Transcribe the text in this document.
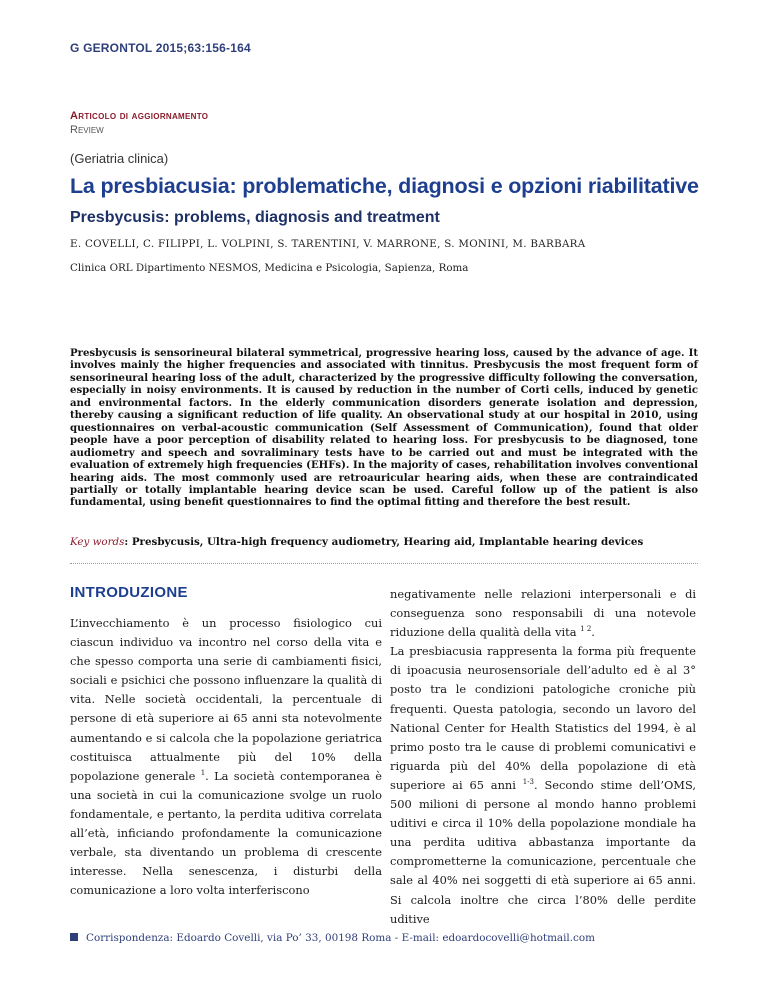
G GERONTOL 2015;63:156-164
Articolo di aggiornamento
Review
(Geriatria clinica)
La presbiacusia: problematiche, diagnosi e opzioni riabilitative
Presbycusis: problems, diagnosis and treatment
E. COVELLI, C. FILIPPI, L. VOLPINI, S. TARENTINI, V. MARRONE, S. MONINI, M. BARBARA
Clinica ORL Dipartimento NESMOS, Medicina e Psicologia, Sapienza, Roma
Presbycusis is sensorineural bilateral symmetrical, progressive hearing loss, caused by the advance of age. It involves mainly the higher frequencies and associated with tinnitus. Presbycusis the most frequent form of sensorineural hearing loss of the adult, characterized by the progressive difficulty following the conversation, especially in noisy environments. It is caused by reduction in the number of Corti cells, induced by genetic and environmental factors. In the elderly communication disorders generate isolation and depression, thereby causing a significant reduction of life quality. An observational study at our hospital in 2010, using questionnaires on verbal-acoustic communication (Self Assessment of Communication), found that older people have a poor perception of disability related to hearing loss. For presbycusis to be diagnosed, tone audiometry and speech and sovraliminary tests have to be carried out and must be integrated with the evaluation of extremely high frequencies (EHFs). In the majority of cases, rehabilitation involves conventional hearing aids. The most commonly used are retroauricular hearing aids, when these are contraindicated partially or totally implantable hearing device scan be used. Careful follow up of the patient is also fundamental, using benefit questionnaires to find the optimal fitting and therefore the best result.
Key words: Presbycusis, Ultra-high frequency audiometry, Hearing aid, Implantable hearing devices
INTRODUZIONE

L’invecchiamento è un processo fisiologico cui ciascun individuo va incontro nel corso della vita e che spesso comporta una serie di cambiamenti fisici, sociali e psichici che possono influenzare la qualità di vita. Nelle società occidentali, la percentuale di persone di età superiore ai 65 anni sta notevolmente aumentando e si calcola che la popolazione geriatrica costituisca attualmente più del 10% della popolazione generale $^1$. La società contemporanea è una società in cui la comunicazione svolge un ruolo fondamentale, e pertanto, la perdita uditiva correlata all’età, inficiando profondamente la comunicazione verbale, sta diventando un problema di crescente interesse. Nella senescenza, i disturbi della comunicazione a loro volta interferiscono

negativamente nelle relazioni interpersonali e di conseguenza sono responsabili di una notevole riduzione della qualità della vita $^{1 2}$.

La presbiacusia rappresenta la forma più frequente di ipoacusia neurosensoriale dell’adulto ed è al 3° posto tra le condizioni patologiche croniche più frequenti. Questa patologia, secondo un lavoro del National Center for Health Statistics del 1994, è al primo posto tra le cause di problemi comunicativi e riguarda più del 40% della popolazione di età superiore ai 65 anni $^{1-3}$. Secondo stime dell’OMS, 500 milioni di persone al mondo hanno problemi uditivi e circa il 10% della popolazione mondiale ha una perdita uditiva abbastanza importante da comprometterne la comunicazione, percentuale che sale al 40% nei soggetti di età superiore ai 65 anni. Si calcola inoltre che circa l’80% delle perdite uditive

Corrispondenza: Edoardo Covelli, via Po’ 33, 00198 Roma - E-mail: edoardocovelli@hotmail.com
